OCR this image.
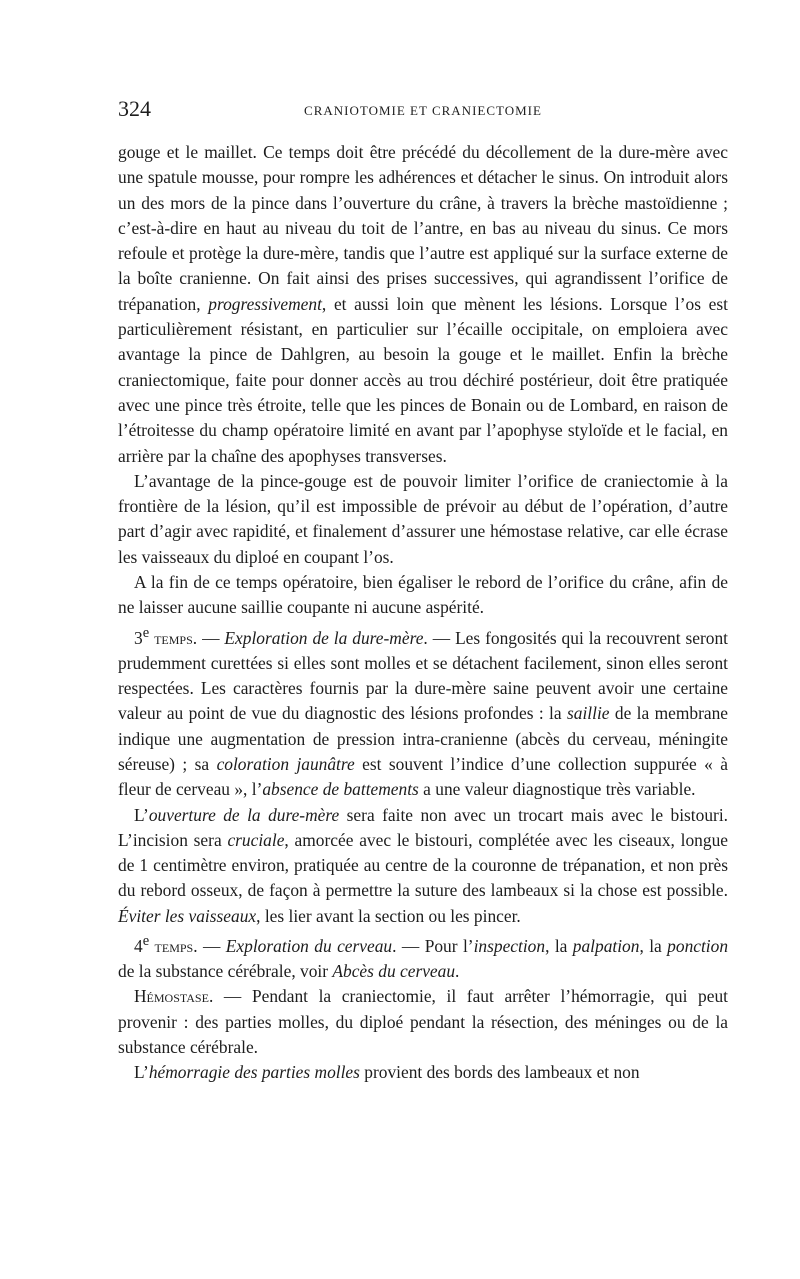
324	CRANIOTOMIE ET CRANIECTOMIE

gouge et le maillet. Ce temps doit être précédé du décollement de la dure-mère avec une spatule mousse, pour rompre les adhérences et détacher le sinus. On introduit alors un des mors de la pince dans l’ouverture du crâne, à travers la brèche mastoïdienne ; c’est-à-dire en haut au niveau du toit de l’antre, en bas au niveau du sinus. Ce mors refoule et protège la dure-mère, tandis que l’autre est appliqué sur la surface externe de la boîte cranienne. On fait ainsi des prises successives, qui agrandissent l’orifice de trépanation, progressivement, et aussi loin que mènent les lésions. Lorsque l’os est particulièrement résistant, en particulier sur l’écaille occipitale, on emploiera avec avantage la pince de Dahlgren, au besoin la gouge et le maillet. Enfin la brèche craniectomique, faite pour donner accès au trou déchiré postérieur, doit être pratiquée avec une pince très étroite, telle que les pinces de Bonain ou de Lombard, en raison de l’étroitesse du champ opératoire limité en avant par l’apophyse styloïde et le facial, en arrière par la chaîne des apophyses transverses.

L’avantage de la pince-gouge est de pouvoir limiter l’orifice de craniectomie à la frontière de la lésion, qu’il est impossible de prévoir au début de l’opération, d’autre part d’agir avec rapidité, et finalement d’assurer une hémostase relative, car elle écrase les vaisseaux du diploé en coupant l’os.

A la fin de ce temps opératoire, bien égaliser le rebord de l’orifice du crâne, afin de ne laisser aucune saillie coupante ni aucune aspérité.

3e temps. — Exploration de la dure-mère. — Les fongosités qui la recouvrent seront prudemment curettées si elles sont molles et se détachent facilement, sinon elles seront respectées. Les caractères fournis par la dure-mère saine peuvent avoir une certaine valeur au point de vue du diagnostic des lésions profondes : la saillie de la membrane indique une augmentation de pression intra-cranienne (abcès du cerveau, méningite séreuse) ; sa coloration jaunâtre est souvent l’indice d’une collection suppurée « à fleur de cerveau », l’absence de battements a une valeur diagnostique très variable.

L’ouverture de la dure-mère sera faite non avec un trocart mais avec le bistouri. L’incision sera cruciale, amorcée avec le bistouri, complétée avec les ciseaux, longue de 1 centimètre environ, pratiquée au centre de la couronne de trépanation, et non près du rebord osseux, de façon à permettre la suture des lambeaux si la chose est possible. Éviter les vaisseaux, les lier avant la section ou les pincer.

4e temps. — Exploration du cerveau. — Pour l’inspection, la palpation, la ponction de la substance cérébrale, voir Abcès du cerveau.

Hémostase. — Pendant la craniectomie, il faut arrêter l’hémorragie, qui peut provenir : des parties molles, du diploé pendant la résection, des méninges ou de la substance cérébrale.

L’hémorragie des parties molles provient des bords des lambeaux et non
